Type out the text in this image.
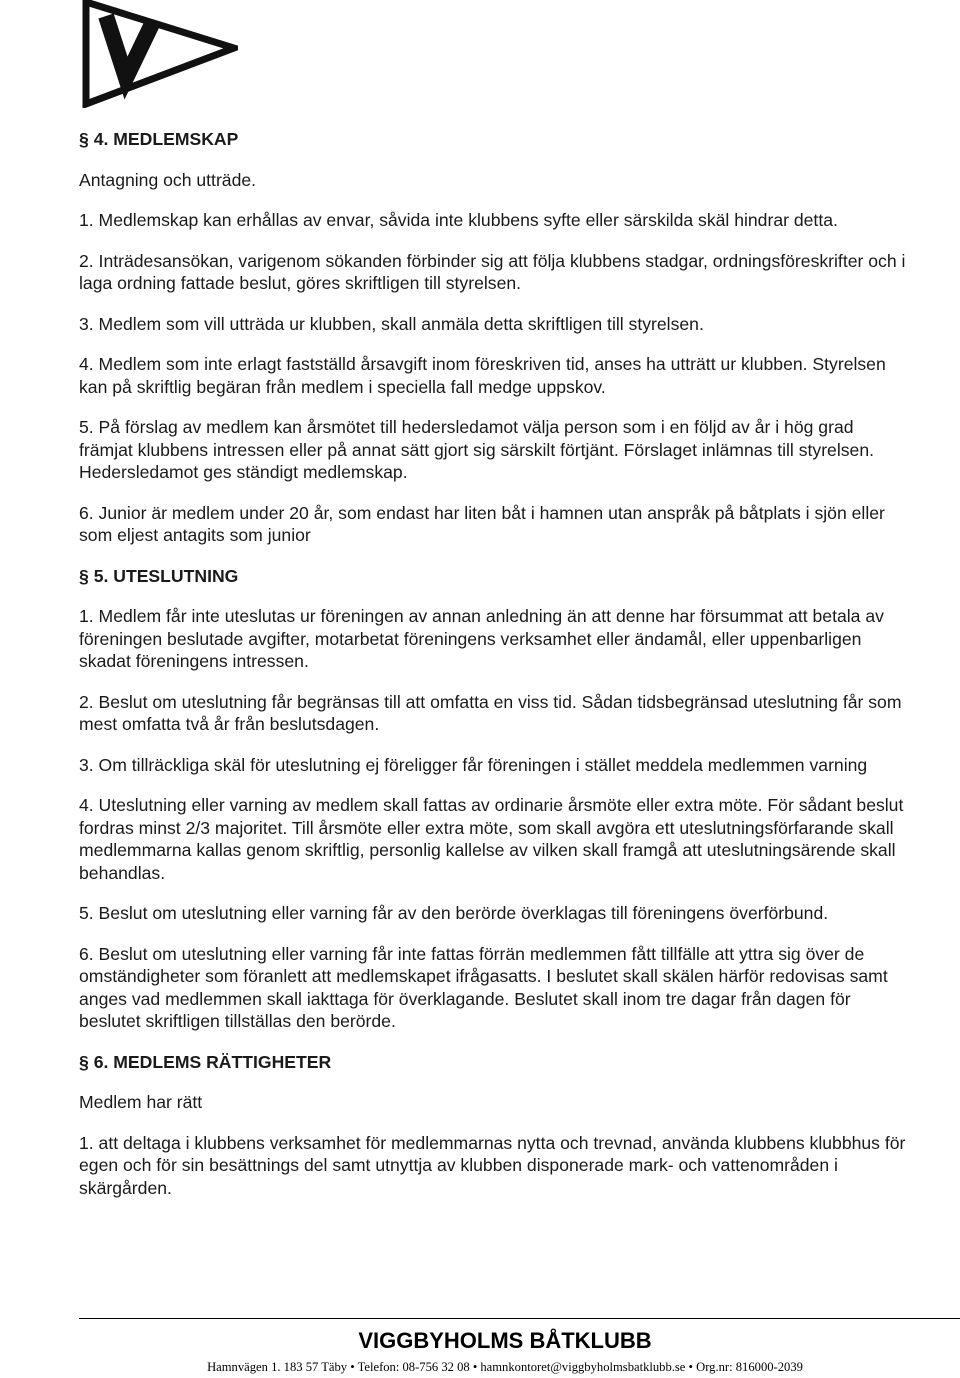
§ 4. MEDLEMSKAP

Antagning och utträde.

1. Medlemskap kan erhållas av envar, såvida inte klubbens syfte eller särskilda skäl hindrar detta.

2. Inträdesansökan, varigenom sökanden förbinder sig att följa klubbens stadgar, ordningsföreskrifter och i laga ordning fattade beslut, göres skriftligen till styrelsen.

3. Medlem som vill utträda ur klubben, skall anmäla detta skriftligen till styrelsen.

4. Medlem som inte erlagt fastställd årsavgift inom föreskriven tid, anses ha utträtt ur klubben. Styrelsen kan på skriftlig begäran från medlem i speciella fall medge uppskov.

5. På förslag av medlem kan årsmötet till hedersledamot välja person som i en följd av år i hög grad främjat klubbens intressen eller på annat sätt gjort sig särskilt förtjänt. Förslaget inlämnas till styrelsen. Hedersledamot ges ständigt medlemskap.

6. Junior är medlem under 20 år, som endast har liten båt i hamnen utan anspråk på båtplats i sjön eller som eljest antagits som junior

§ 5. UTESLUTNING

1. Medlem får inte uteslutas ur föreningen av annan anledning än att denne har försummat att betala av föreningen beslutade avgifter, motarbetat föreningens verksamhet eller ändamål, eller uppenbarligen skadat föreningens intressen.

2. Beslut om uteslutning får begränsas till att omfatta en viss tid. Sådan tidsbegränsad uteslutning får som mest omfatta två år från beslutsdagen.

3. Om tillräckliga skäl för uteslutning ej föreligger får föreningen i stället meddela medlemmen varning

4. Uteslutning eller varning av medlem skall fattas av ordinarie årsmöte eller extra möte. För sådant beslut fordras minst 2/3 majoritet. Till årsmöte eller extra möte, som skall avgöra ett uteslutningsförfarande skall medlemmarna kallas genom skriftlig, personlig kallelse av vilken skall framgå att uteslutningsärende skall behandlas.

5. Beslut om uteslutning eller varning får av den berörde överklagas till föreningens överförbund.

6. Beslut om uteslutning eller varning får inte fattas förrän medlemmen fått tillfälle att yttra sig över de omständigheter som föranlett att medlemskapet ifrågasatts. I beslutet skall skälen härför redovisas samt anges vad medlemmen skall iakttaga för överklagande. Beslutet skall inom tre dagar från dagen för beslutet skriftligen tillställas den berörde.

§ 6. MEDLEMS RÄTTIGHETER

Medlem har rätt

1. att deltaga i klubbens verksamhet för medlemmarnas nytta och trevnad, använda klubbens klubbhus för egen och för sin besättnings del samt utnyttja av klubben disponerade mark- och vattenområden i skärgården.

VIGGBYHOLMS BÅTKLUBB
Hamnvägen 1. 183 57 Täby • Telefon: 08-756 32 08 • hamnkontoret@viggbyholmsbatklubb.se • Org.nr: 816000-2039
